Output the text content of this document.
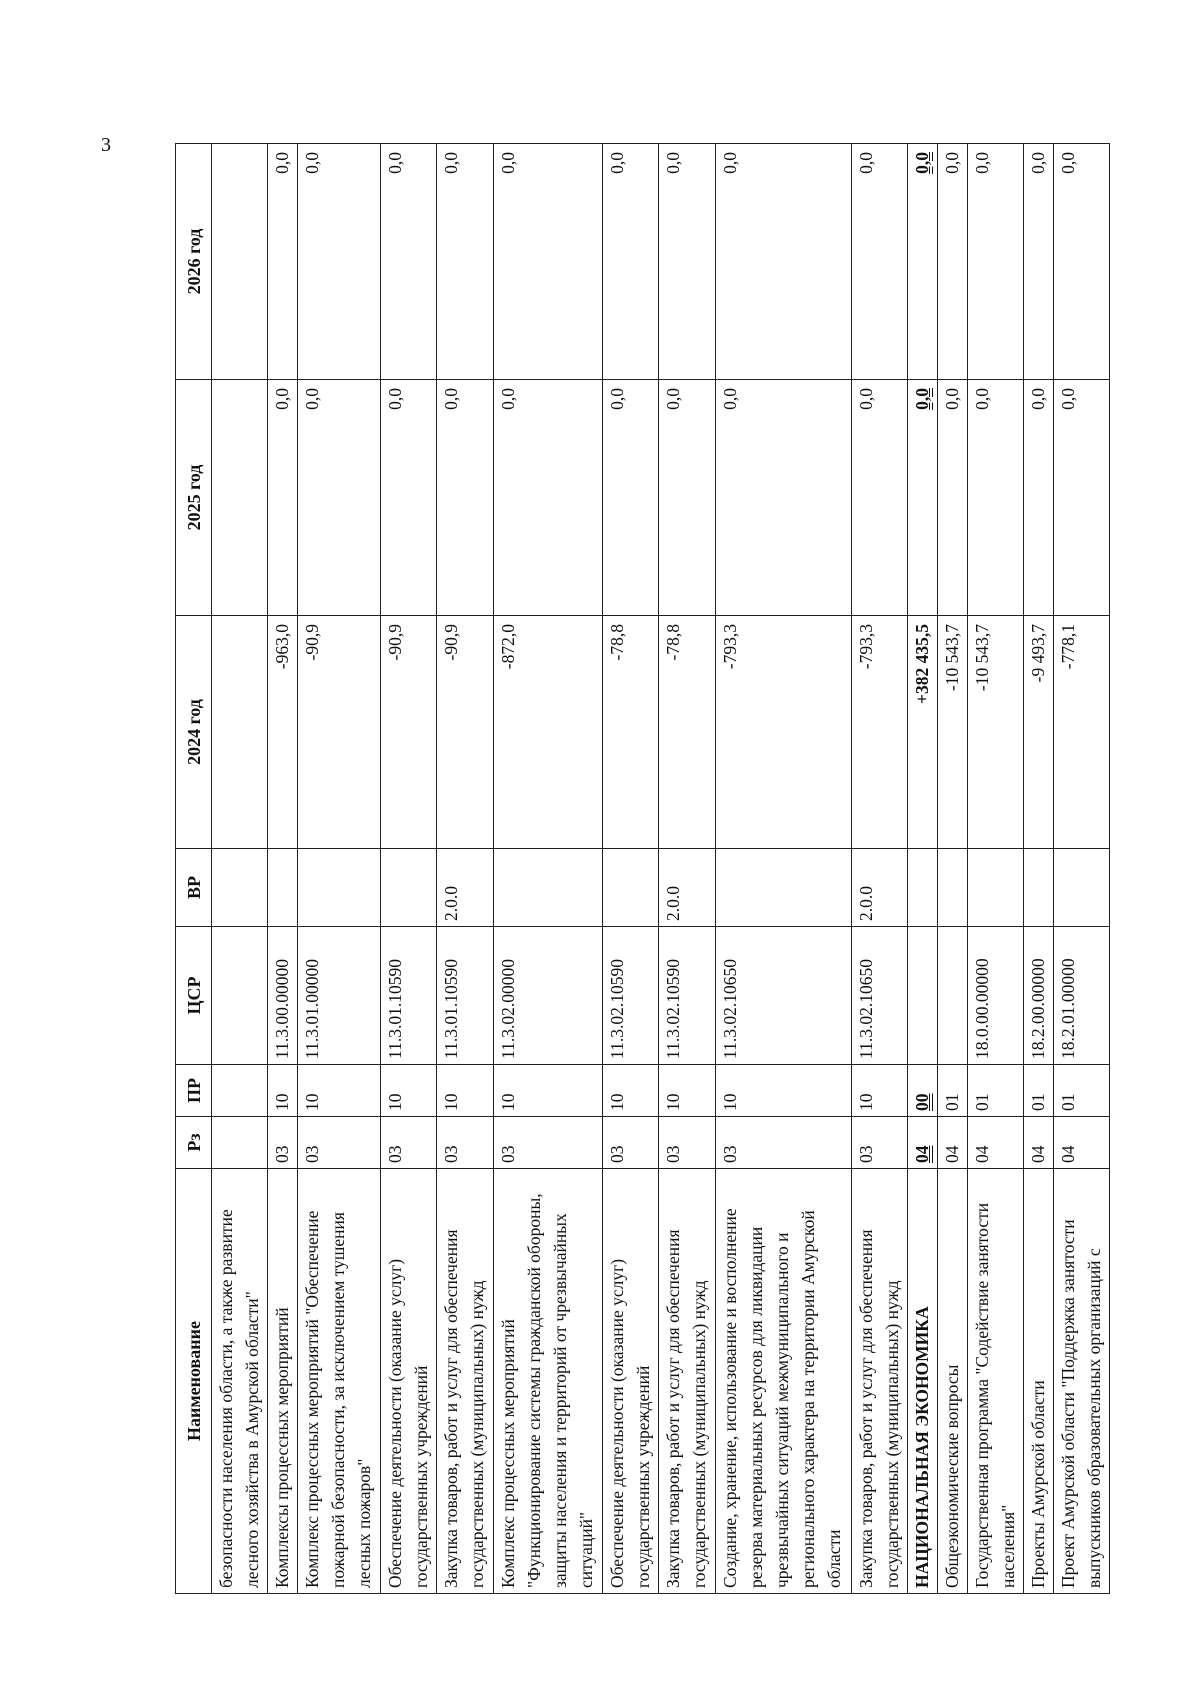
3
Наименование	Рз	ПР	ЦСР	ВР	2024 год	2025 год	2026 год
безопасности населения области, а также развитие лесного хозяйства в Амурской области"							
Комплексы процессных мероприятий	03	10	11.3.00.00000		-963,0	0,0	0,0
Комплекс процессных мероприятий "Обеспечение пожарной безопасности, за исключением тушения лесных пожаров"	03	10	11.3.01.00000		-90,9	0,0	0,0
Обеспечение деятельности (оказание услуг) государственных учреждений	03	10	11.3.01.10590		-90,9	0,0	0,0
Закупка товаров, работ и услуг для обеспечения государственных (муниципальных) нужд	03	10	11.3.01.10590	2.0.0	-90,9	0,0	0,0
Комплекс процессных мероприятий "Функционирование системы гражданской обороны, защиты населения и территорий от чрезвычайных ситуаций"	03	10	11.3.02.00000		-872,0	0,0	0,0
Обеспечение деятельности (оказание услуг) государственных учреждений	03	10	11.3.02.10590		-78,8	0,0	0,0
Закупка товаров, работ и услуг для обеспечения государственных (муниципальных) нужд	03	10	11.3.02.10590	2.0.0	-78,8	0,0	0,0
Создание, хранение, использование и восполнение резерва материальных ресурсов для ликвидации чрезвычайных ситуаций межмуниципального и регионального характера на территории Амурской области	03	10	11.3.02.10650		-793,3	0,0	0,0
Закупка товаров, работ и услуг для обеспечения государственных (муниципальных) нужд	03	10	11.3.02.10650	2.0.0	-793,3	0,0	0,0
НАЦИОНАЛЬНАЯ ЭКОНОМИКА	04	00			+382 435,5	0,0	0,0
Общеэкономические вопросы	04	01			-10 543,7	0,0	0,0
Государственная программа "Содействие занятости населения"	04	01	18.0.00.00000		-10 543,7	0,0	0,0
Проекты Амурской области	04	01	18.2.00.00000		-9 493,7	0,0	0,0
Проект Амурской области "Поддержка занятости выпускников образовательных организаций с	04	01	18.2.01.00000		-778,1	0,0	0,0
